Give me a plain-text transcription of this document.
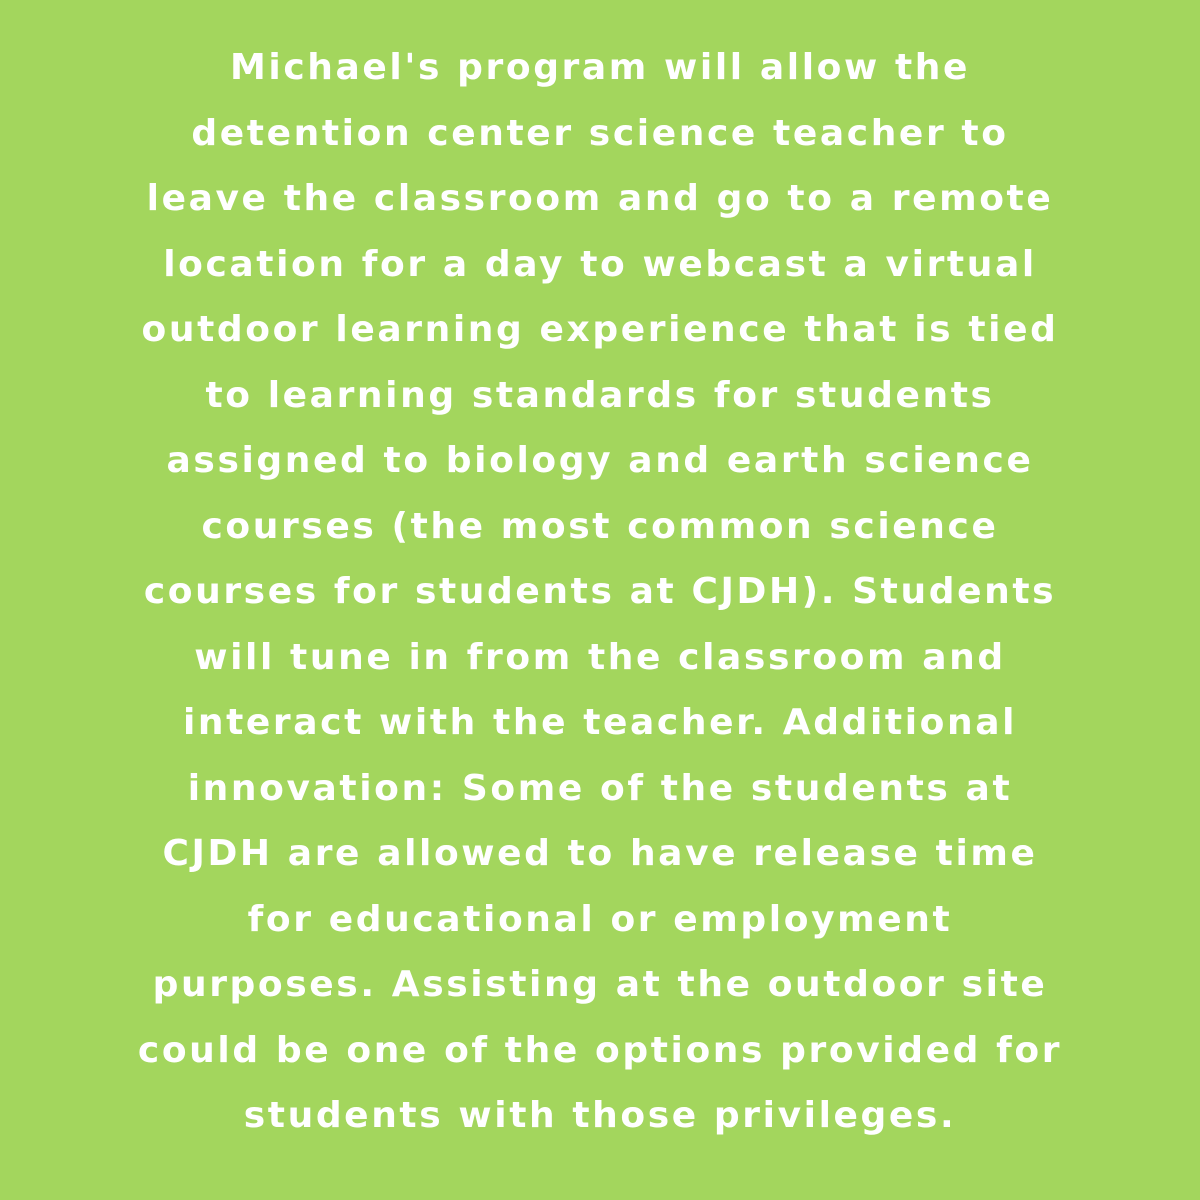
Michael's program will allow the
detention center science teacher to
leave the classroom and go to a remote
location for a day to webcast a virtual
outdoor learning experience that is tied
to learning standards for students
assigned to biology and earth science
courses (the most common science
courses for students at CJDH). Students
will tune in from the classroom and
interact with the teacher. Additional
innovation: Some of the students at
CJDH are allowed to have release time
for educational or employment
purposes. Assisting at the outdoor site
could be one of the options provided for
students with those privileges.
